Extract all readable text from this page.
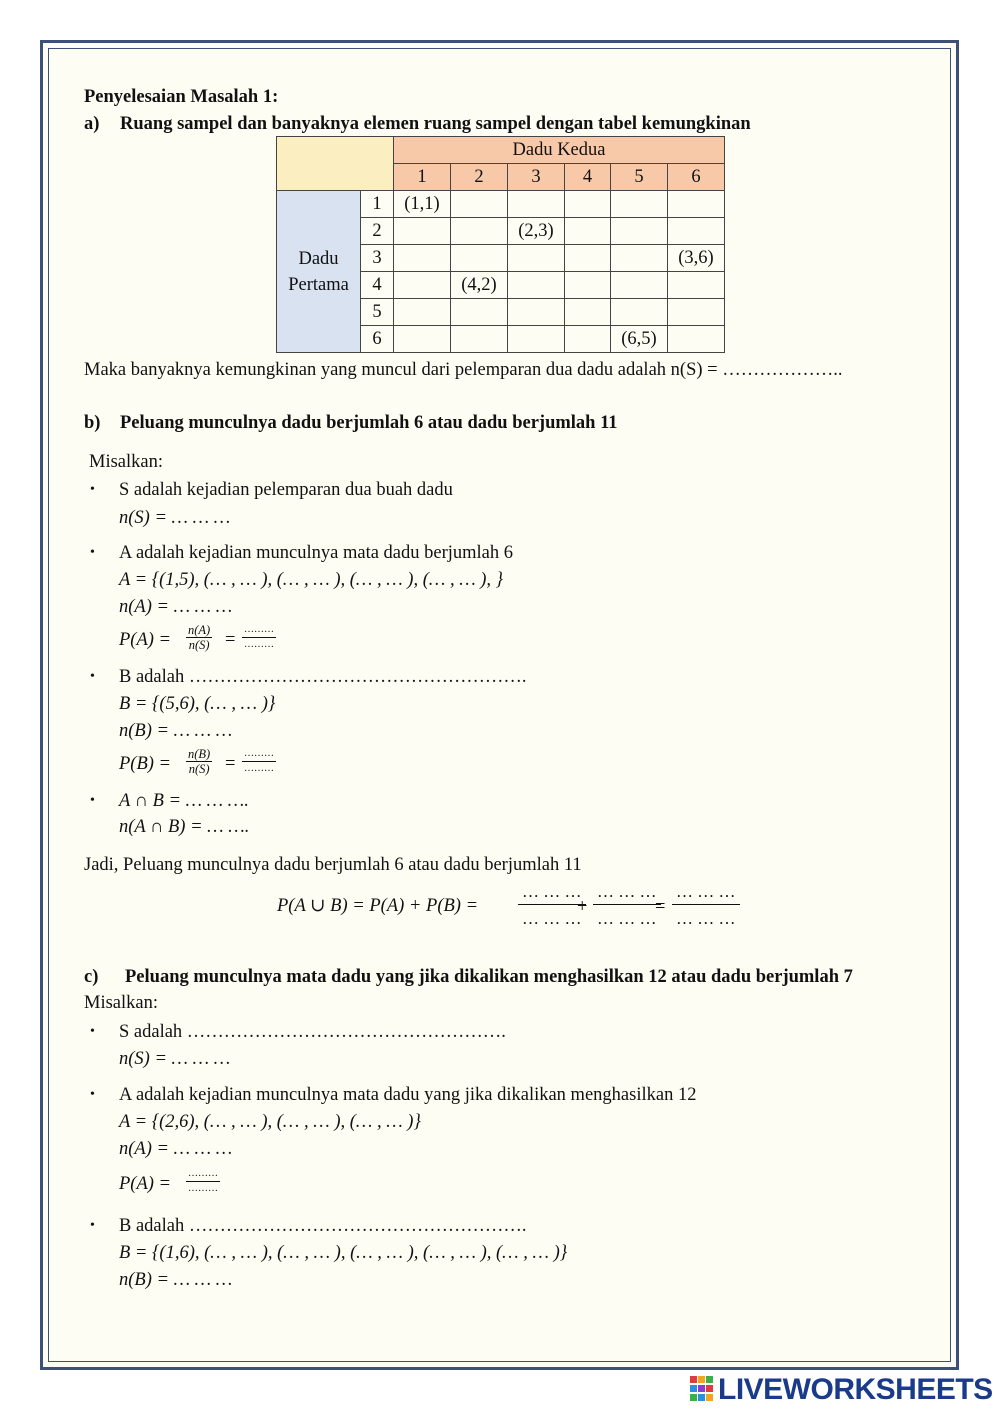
Penyelesaian Masalah 1:
a) Ruang sampel dan banyaknya elemen ruang sampel dengan tabel kemungkinan
		Dadu Kedua					
		1	2	3	4	5	6

Dadu
Pertama	1	(1,1)					
	2			(2,3)			
	3						(3,6)
	4		(4,2)				
	5						
	6					(6,5)	
Maka banyaknya kemungkinan yang muncul dari pelemparan dua dadu adalah n(S) = ………………..
b) Peluang munculnya dadu berjumlah 6 atau dadu berjumlah 11
Misalkan:
• S adalah kejadian pelemparan dua buah dadu
n(S) = … … …
• A adalah kejadian munculnya mata dadu berjumlah 6
A = {(1,5), (… , … ), (… , … ), (… , … ), (… , … ), }
n(A) = … … …
$P(A) = \frac{n(A)}{n(S)}$ =
………
………
• B adalah ……………………………………………….
B = {(5,6), (… , … )}
n(B) = … … …
$P(B) = \frac{n(B)}{n(S)}$ =
………
………
• A ∩ B = … … ….
n(A ∩ B) = … ….
Jadi, Peluang munculnya dadu berjumlah 6 atau dadu berjumlah 11
P(A ∪ B) = P(A) + P(B) =
… … …
… … …
+
… … …
… … …
=
… … …
… … …
c) Peluang munculnya mata dadu yang jika dikalikan menghasilkan 12 atau dadu berjumlah 7
Misalkan:
• S adalah …………………………………………….
n(S) = … … …
• A adalah kejadian munculnya mata dadu yang jika dikalikan menghasilkan 12
A = {(2,6), (… , … ), (… , … ), (… , … )}
n(A) = … … …
P(A) =
………
………
• B adalah ……………………………………………….
B = {(1,6), (… , … ), (… , … ), (… , … ), (… , … ), (… , … )}
n(B) = … … …
LIVEWORKSHEETS
